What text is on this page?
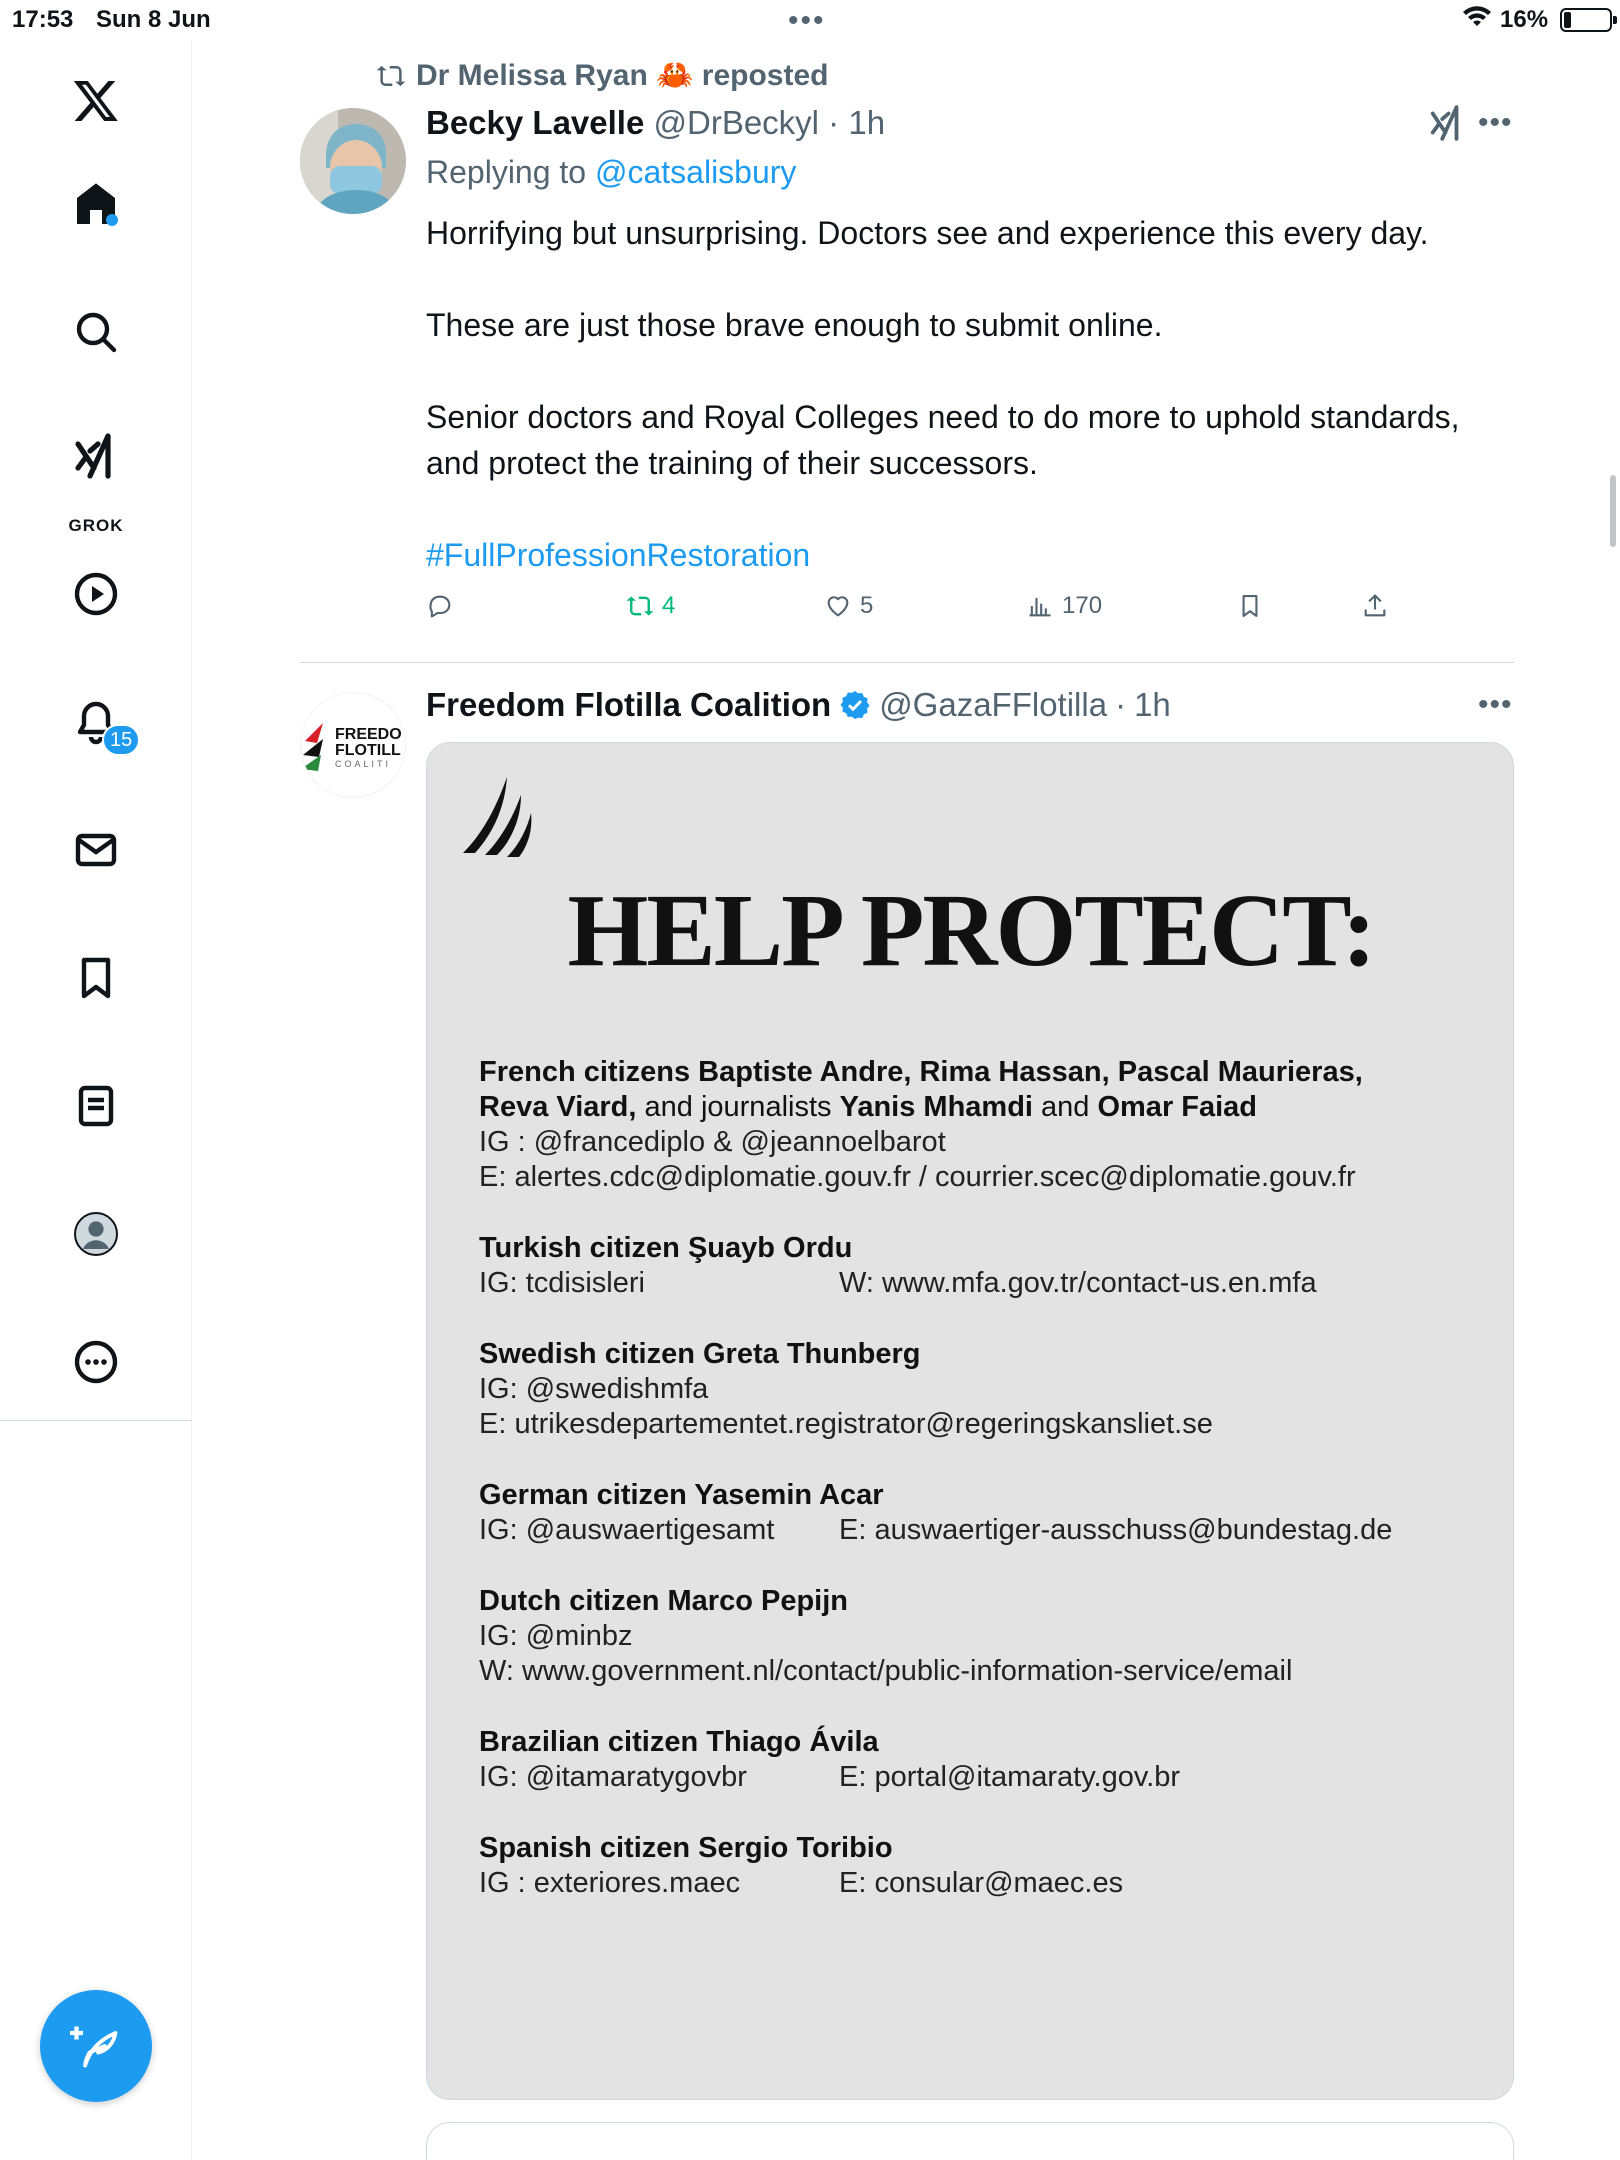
17:53 Sun 8 Jun	•••	16%
GROK
15
Dr Melissa Ryan 🦀 reposted
Becky Lavelle @DrBeckyl · 1h
Replying to @catsalisbury
•••

Horrifying but unsurprising. Doctors see and experience this every day.

These are just those brave enough to submit online.

Senior doctors and Royal Colleges need to do more to uphold standards, and protect the training of their successors.

#FullProfessionRestoration

4	5	170
FREEDO
FLOTILL
COALITI
Freedom Flotilla Coalition @GazaFFlotilla · 1h	•••
HELP PROTECT:
French citizens Baptiste Andre, Rima Hassan, Pascal Maurieras,
Reva Viard, and journalists Yanis Mhamdi and Omar Faiad
IG : @francediplo & @jeannoelbarot
E: alertes.cdc@diplomatie.gouv.fr / courrier.scec@diplomatie.gouv.fr
Turkish citizen Şuayb Ordu
IG: tcdisisleri	W: www.mfa.gov.tr/contact-us.en.mfa
Swedish citizen Greta Thunberg
IG: @swedishmfa
E: utrikesdepartementet.registrator@regeringskansliet.se
German citizen Yasemin Acar
IG: @auswaertigesamt E: auswaertiger-ausschuss@bundestag.de
Dutch citizen Marco Pepijn
IG: @minbz
W: www.government.nl/contact/public-information-service/email
Brazilian citizen Thiago Ávila
IG: @itamaratygovbr	E: portal@itamaraty.gov.br
Spanish citizen Sergio Toribio
IG : exteriores.maec	E: consular@maec.es
